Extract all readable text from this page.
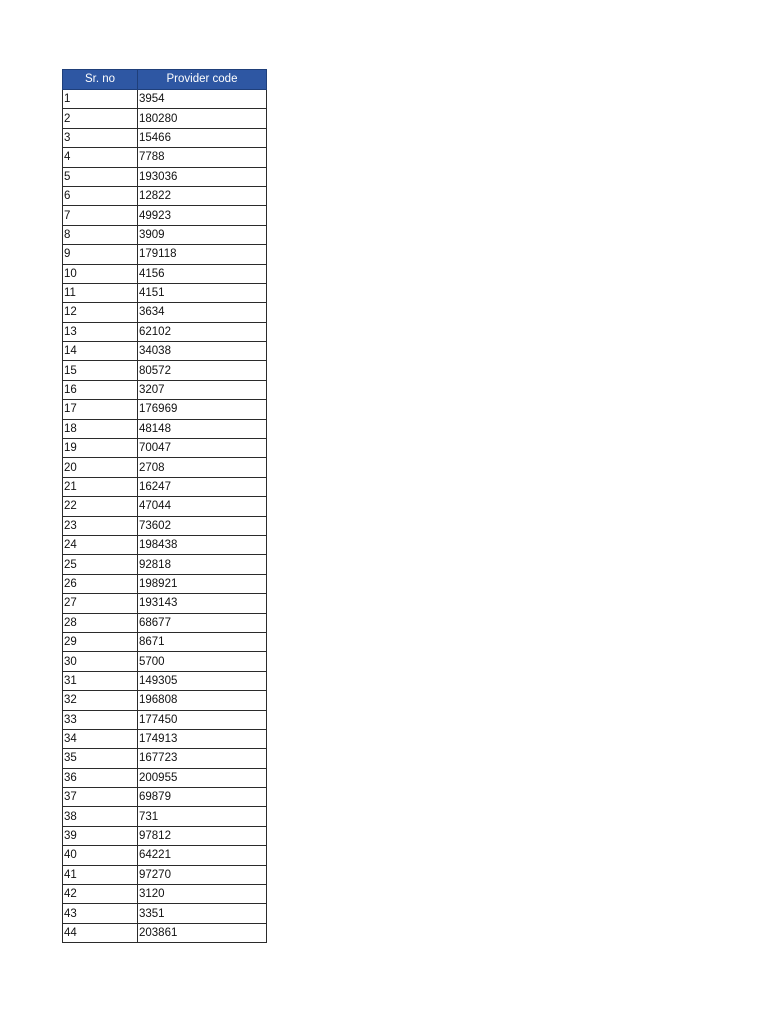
Sr. no	Provider code
1	3954
2	180280
3	15466
4	7788
5	193036
6	12822
7	49923
8	3909
9	179118
10	4156
11	4151
12	3634
13	62102
14	34038
15	80572
16	3207
17	176969
18	48148
19	70047
20	2708
21	16247
22	47044
23	73602
24	198438
25	92818
26	198921
27	193143
28	68677
29	8671
30	5700
31	149305
32	196808
33	177450
34	174913
35	167723
36	200955
37	69879
38	731
39	97812
40	64221
41	97270
42	3120
43	3351
44	203861
